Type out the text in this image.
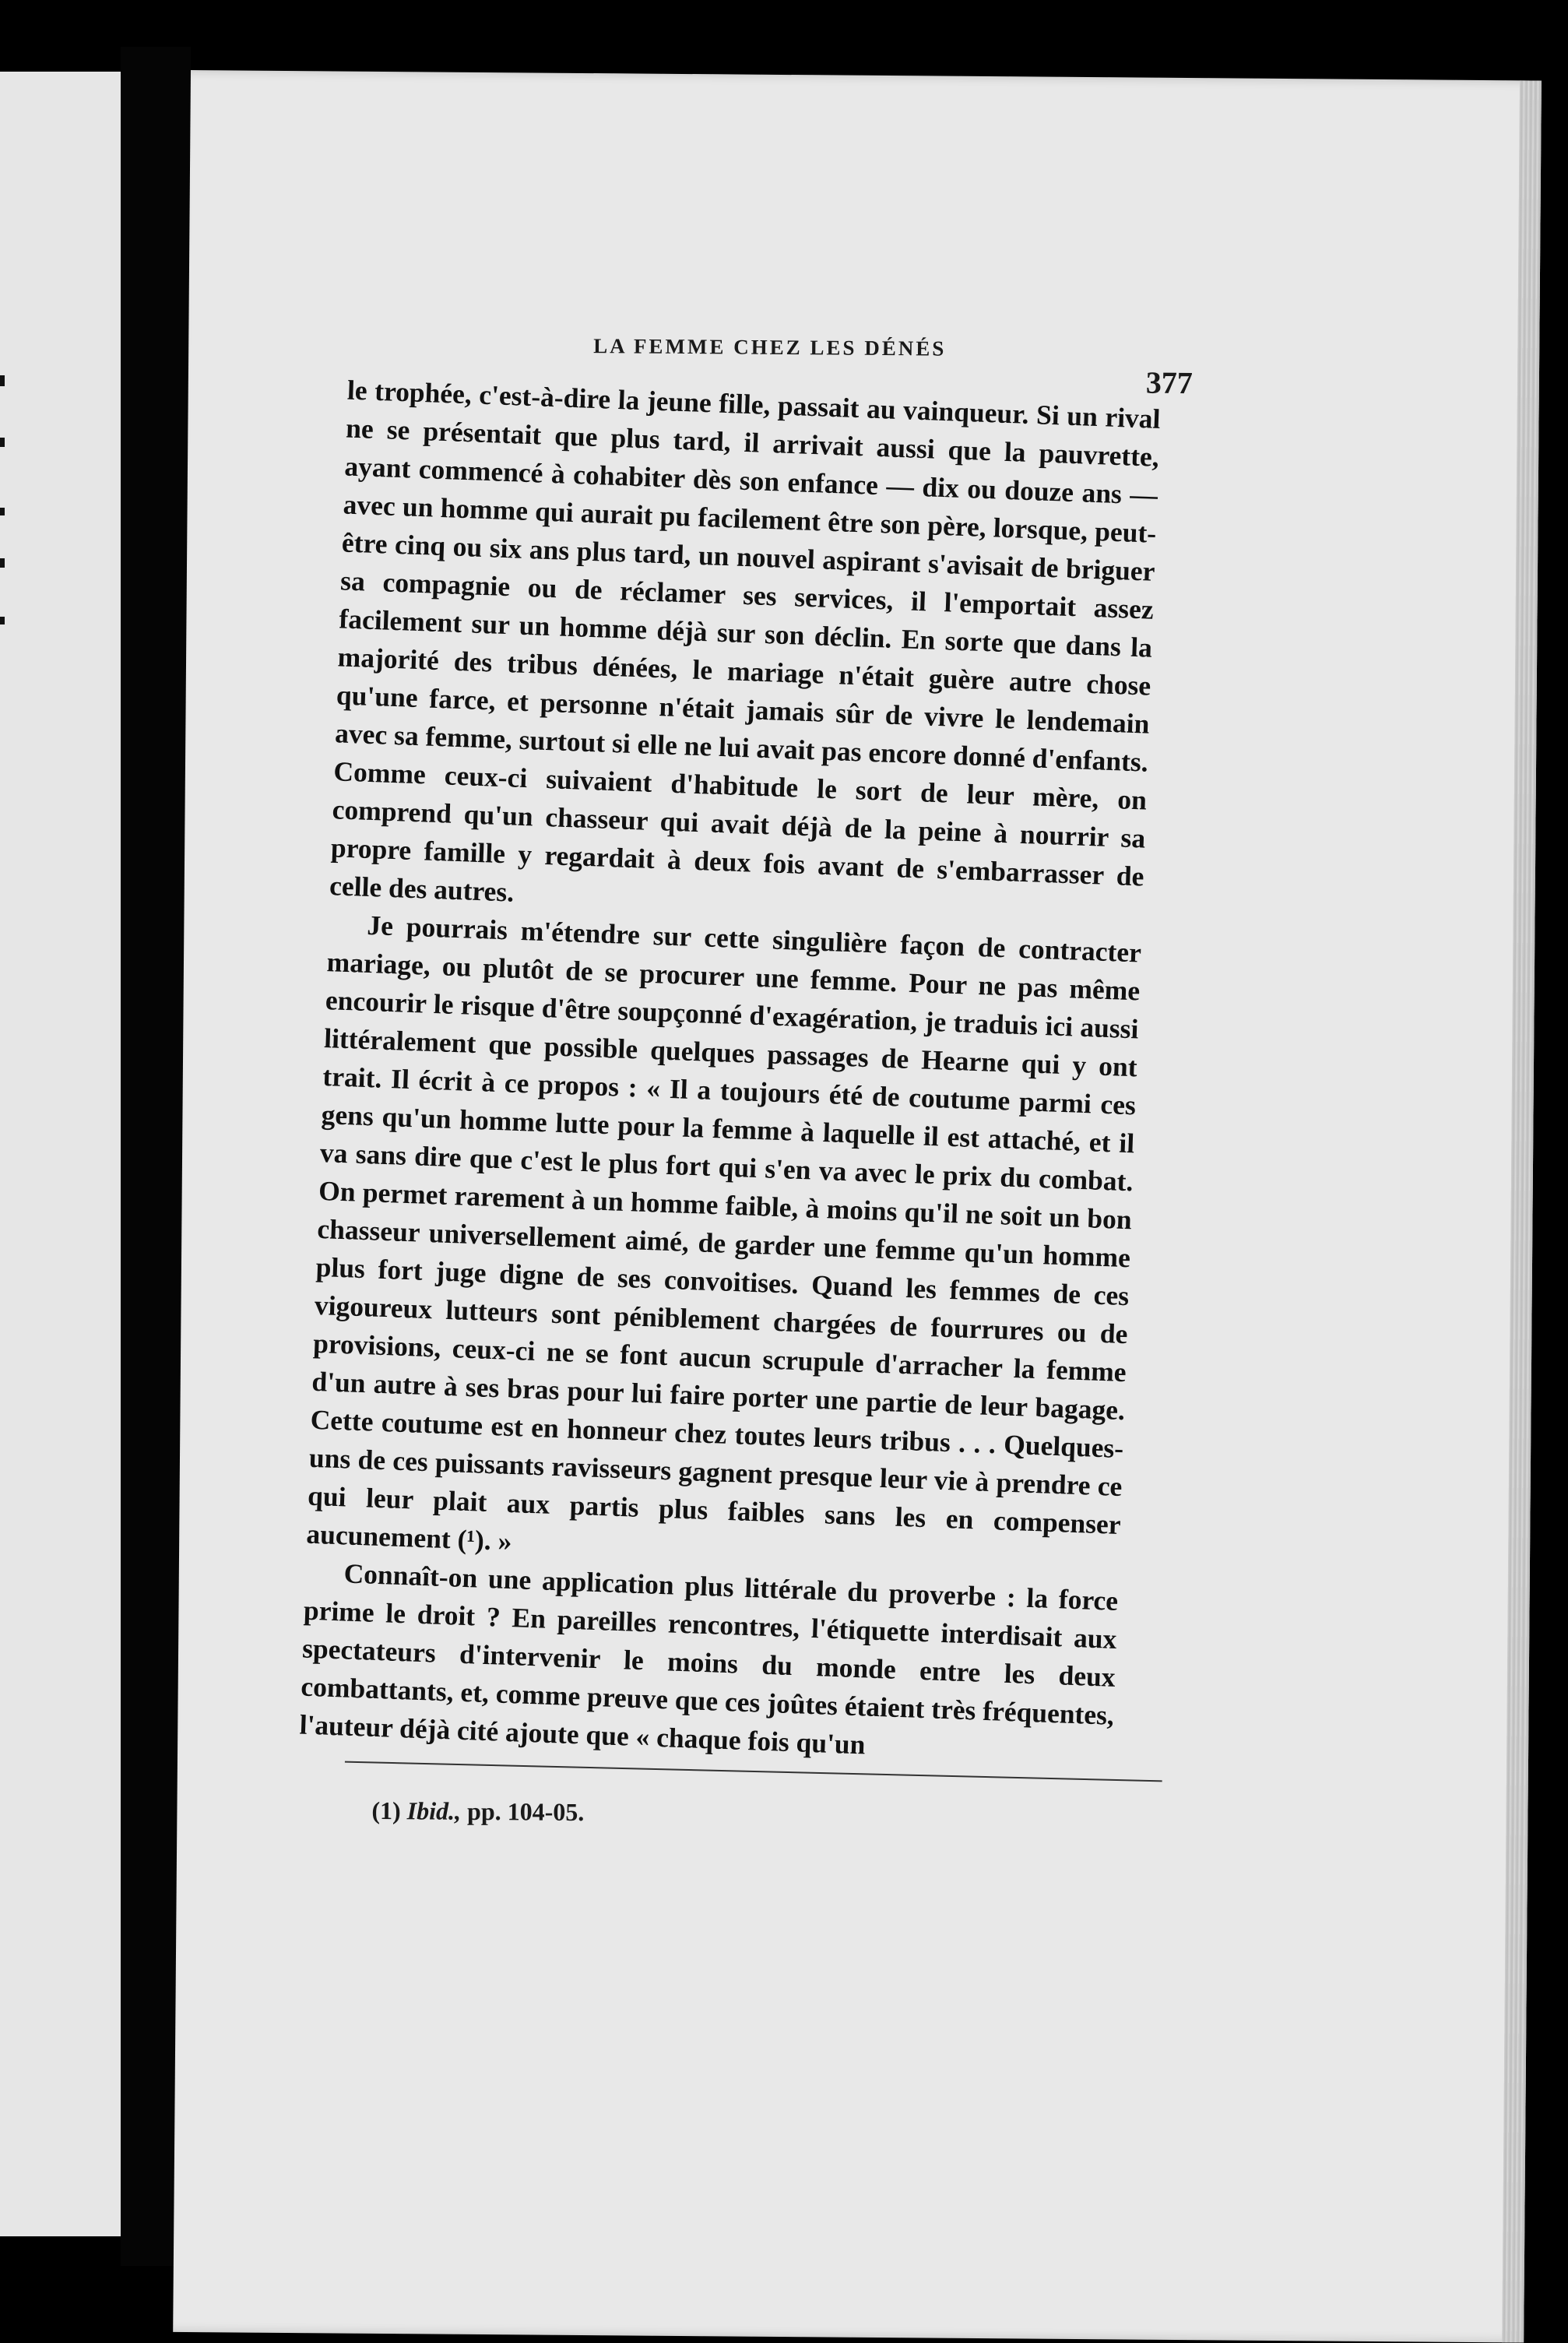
LA FEMME CHEZ LES DÉNÉS
377

le trophée, c'est-à-dire la jeune fille, passait au vainqueur. Si un rival ne se présentait que plus tard, il arrivait aussi que la pauvrette, ayant commencé à cohabiter dès son enfance — dix ou douze ans — avec un homme qui aurait pu facilement être son père, lorsque, peut-être cinq ou six ans plus tard, un nouvel aspirant s'avisait de briguer sa compagnie ou de réclamer ses services, il l'emportait assez facilement sur un homme déjà sur son déclin. En sorte que dans la majorité des tribus dénées, le mariage n'était guère autre chose qu'une farce, et personne n'était jamais sûr de vivre le lendemain avec sa femme, surtout si elle ne lui avait pas encore donné d'enfants. Comme ceux-ci suivaient d'habitude le sort de leur mère, on comprend qu'un chasseur qui avait déjà de la peine à nourrir sa propre famille y regardait à deux fois avant de s'embarrasser de celle des autres.

Je pourrais m'étendre sur cette singulière façon de contracter mariage, ou plutôt de se procurer une femme. Pour ne pas même encourir le risque d'être soupçonné d'exagération, je traduis ici aussi littéralement que possible quelques passages de Hearne qui y ont trait. Il écrit à ce propos : « Il a toujours été de coutume parmi ces gens qu'un homme lutte pour la femme à laquelle il est attaché, et il va sans dire que c'est le plus fort qui s'en va avec le prix du combat. On permet rarement à un homme faible, à moins qu'il ne soit un bon chasseur universellement aimé, de garder une femme qu'un homme plus fort juge digne de ses convoitises. Quand les femmes de ces vigoureux lutteurs sont péniblement chargées de fourrures ou de provisions, ceux-ci ne se font aucun scrupule d'arracher la femme d'un autre à ses bras pour lui faire porter une partie de leur bagage. Cette coutume est en honneur chez toutes leurs tribus . . . Quelques-uns de ces puissants ravisseurs gagnent presque leur vie à prendre ce qui leur plait aux partis plus faibles sans les en compenser aucunement (¹). »

Connaît-on une application plus littérale du proverbe : la force prime le droit ? En pareilles rencontres, l'étiquette interdisait aux spectateurs d'intervenir le moins du monde entre les deux combattants, et, comme preuve que ces joûtes étaient très fréquentes, l'auteur déjà cité ajoute que « chaque fois qu'un

(1) Ibid., pp. 104-05.
